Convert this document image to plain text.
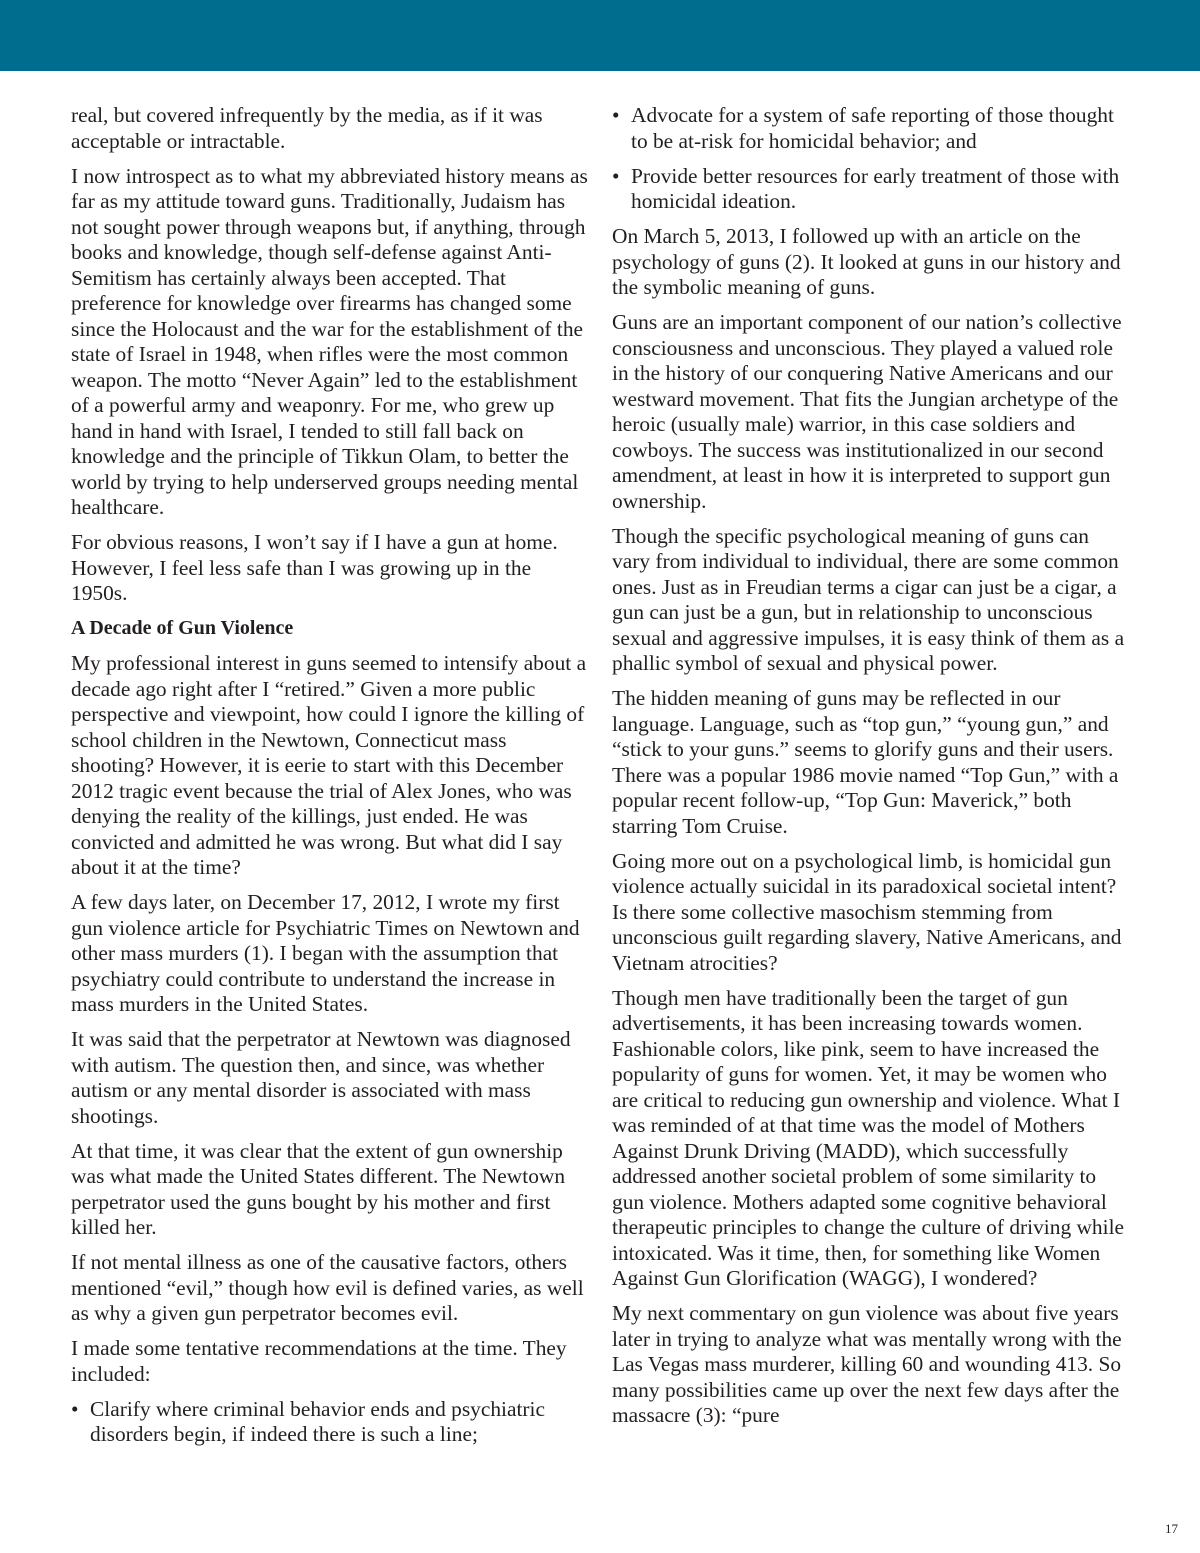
real, but covered infrequently by the media, as if it was acceptable or intractable.

I now introspect as to what my abbreviated history means as far as my attitude toward guns. Traditionally, Judaism has not sought power through weapons but, if anything, through books and knowledge, though self-defense against Anti-Semitism has certainly always been accepted. That preference for knowledge over firearms has changed some since the Holocaust and the war for the establishment of the state of Israel in 1948, when rifles were the most common weapon. The motto “Never Again” led to the establishment of a powerful army and weaponry. For me, who grew up hand in hand with Israel, I tended to still fall back on knowledge and the principle of Tikkun Olam, to better the world by trying to help underserved groups needing mental healthcare.

For obvious reasons, I won’t say if I have a gun at home. However, I feel less safe than I was growing up in the 1950s.

A Decade of Gun Violence

My professional interest in guns seemed to intensify about a decade ago right after I “retired.” Given a more public perspective and viewpoint, how could I ignore the killing of school children in the Newtown, Connecticut mass shooting? However, it is eerie to start with this December 2012 tragic event because the trial of Alex Jones, who was denying the reality of the killings, just ended. He was convicted and admitted he was wrong. But what did I say about it at the time?

A few days later, on December 17, 2012, I wrote my first gun violence article for Psychiatric Times on Newtown and other mass murders (1). I began with the assumption that psychiatry could contribute to understand the increase in mass murders in the United States.

It was said that the perpetrator at Newtown was diagnosed with autism. The question then, and since, was whether autism or any mental disorder is associated with mass shootings.

At that time, it was clear that the extent of gun ownership was what made the United States different. The Newtown perpetrator used the guns bought by his mother and first killed her.

If not mental illness as one of the causative factors, others mentioned “evil,” though how evil is defined varies, as well as why a given gun perpetrator becomes evil.

I made some tentative recommendations at the time. They included:

• Clarify where criminal behavior ends and psychiatric disorders begin, if indeed there is such a line;
• Advocate for a system of safe reporting of those thought to be at-risk for homicidal behavior; and
• Provide better resources for early treatment of those with homicidal ideation.

On March 5, 2013, I followed up with an article on the psychology of guns (2). It looked at guns in our history and the symbolic meaning of guns.

Guns are an important component of our nation’s collective consciousness and unconscious. They played a valued role in the history of our conquering Native Americans and our westward movement. That fits the Jungian archetype of the heroic (usually male) warrior, in this case soldiers and cowboys. The success was institutionalized in our second amendment, at least in how it is interpreted to support gun ownership.

Though the specific psychological meaning of guns can vary from individual to individual, there are some common ones. Just as in Freudian terms a cigar can just be a cigar, a gun can just be a gun, but in relationship to unconscious sexual and aggressive impulses, it is easy think of them as a phallic symbol of sexual and physical power.

The hidden meaning of guns may be reflected in our language. Language, such as “top gun,” “young gun,” and “stick to your guns.” seems to glorify guns and their users. There was a popular 1986 movie named “Top Gun,” with a popular recent follow-up, “Top Gun: Maverick,” both starring Tom Cruise.

Going more out on a psychological limb, is homicidal gun violence actually suicidal in its paradoxical societal intent? Is there some collective masochism stemming from unconscious guilt regarding slavery, Native Americans, and Vietnam atrocities?

Though men have traditionally been the target of gun advertisements, it has been increasing towards women. Fashionable colors, like pink, seem to have increased the popularity of guns for women. Yet, it may be women who are critical to reducing gun ownership and violence. What I was reminded of at that time was the model of Mothers Against Drunk Driving (MADD), which successfully addressed another societal problem of some similarity to gun violence. Mothers adapted some cognitive behavioral therapeutic principles to change the culture of driving while intoxicated. Was it time, then, for something like Women Against Gun Glorification (WAGG), I wondered?

My next commentary on gun violence was about five years later in trying to analyze what was mentally wrong with the Las Vegas mass murderer, killing 60 and wounding 413. So many possibilities came up over the next few days after the massacre (3): “pure

17
